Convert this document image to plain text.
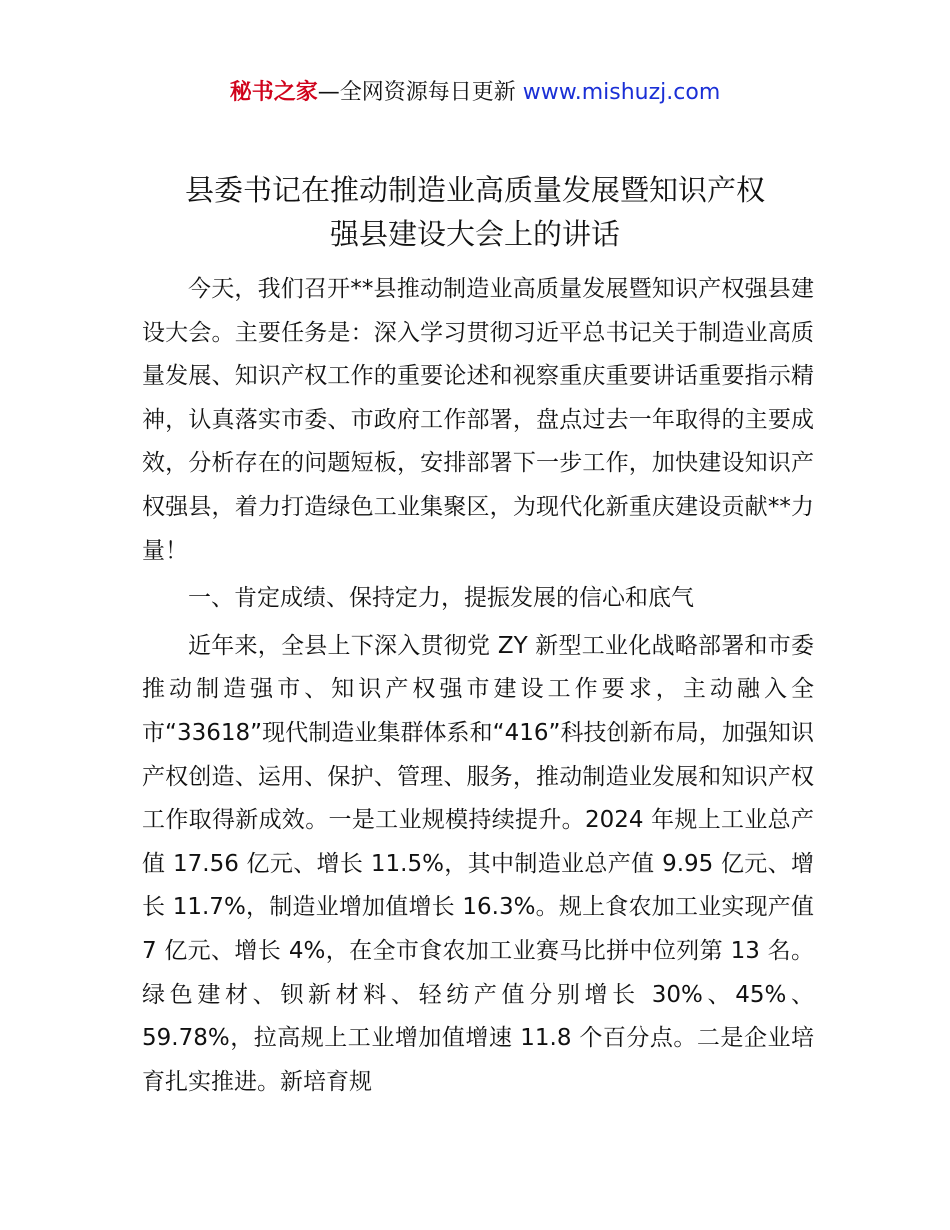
秘书之家—全网资源每日更新 www.mishuzj.com
县委书记在推动制造业高质量发展暨知识产权
强县建设大会上的讲话

今天，我们召开**县推动制造业高质量发展暨知识产权强县建设大会。主要任务是：深入学习贯彻习近平总书记关于制造业高质量发展、知识产权工作的重要论述和视察重庆重要讲话重要指示精神，认真落实市委、市政府工作部署，盘点过去一年取得的主要成效，分析存在的问题短板，安排部署下一步工作，加快建设知识产权强县，着力打造绿色工业集聚区，为现代化新重庆建设贡献**力量！

一、肯定成绩、保持定力，提振发展的信心和底气

近年来，全县上下深入贯彻党 ZY 新型工业化战略部署和市委推动制造强市、知识产权强市建设工作要求，主动融入全市“33618”现代制造业集群体系和“416”科技创新布局，加强知识产权创造、运用、保护、管理、服务，推动制造业发展和知识产权工作取得新成效。一是工业规模持续提升。2024 年规上工业总产值 17.56 亿元、增长 11.5%，其中制造业总产值 9.95 亿元、增长 11.7%，制造业增加值增长 16.3%。规上食农加工业实现产值 7 亿元、增长 4%，在全市食农加工业赛马比拼中位列第 13 名。绿色建材、钡新材料、轻纺产值分别增长 30%、45%、59.78%，拉高规上工业增加值增速 11.8 个百分点。二是企业培育扎实推进。新培育规
